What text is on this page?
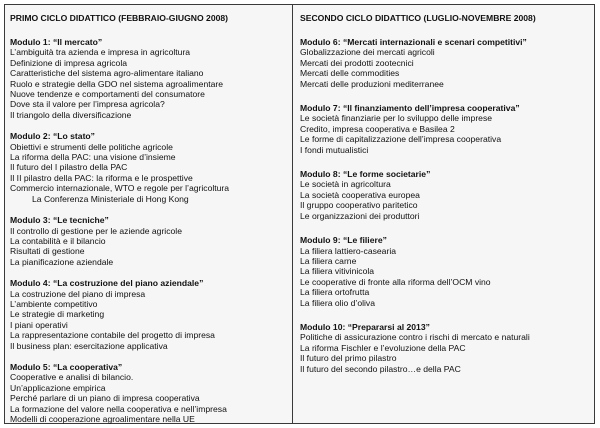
PRIMO CICLO DIDATTICO (FEBBRAIO-GIUGNO 2008)
Modulo 1: “Il mercato”
L’ambiguità tra azienda e impresa in agricoltura
Definizione di impresa agricola
Caratteristiche del sistema agro-alimentare italiano
Ruolo e strategie della GDO nel sistema agroalimentare
Nuove tendenze e comportamenti del consumatore
Dove sta il valore per l’impresa agricola?
Il triangolo della diversificazione
Modulo 2: “Lo stato”
Obiettivi e strumenti delle politiche agricole
La riforma della PAC: una visione d’insieme
Il futuro del I pilastro della PAC
Il II pilastro della PAC: la riforma e le prospettive
Commercio internazionale, WTO e regole per l’agricoltura
La Conferenza Ministeriale di Hong Kong
Modulo 3: “Le tecniche”
Il controllo di gestione per le aziende agricole
La contabilità e il bilancio
Risultati di gestione
La pianificazione aziendale
Modulo 4: “La costruzione del piano aziendale”
La costruzione del piano di impresa
L’ambiente competitivo
Le strategie di marketing
I piani operativi
La rappresentazione contabile del progetto di impresa
Il business plan: esercitazione applicativa
Modulo 5: “La cooperativa”
Cooperative e analisi di bilancio.
Un’applicazione empirica
Perché parlare di un piano di impresa cooperativa
La formazione del valore nella cooperativa e nell’impresa
Modelli di cooperazione agroalimentare nella UE
SECONDO CICLO DIDATTICO (LUGLIO-NOVEMBRE 2008)
Modulo 6: “Mercati internazionali e scenari competitivi”
Globalizzazione dei mercati agricoli
Mercati dei prodotti zootecnici
Mercati delle commodities
Mercati delle produzioni mediterranee
Modulo 7: “Il finanziamento dell’impresa cooperativa”
Le società finanziarie per lo sviluppo delle imprese
Credito, impresa cooperativa e Basilea 2
Le forme di capitalizzazione dell’impresa cooperativa
I fondi mutualistici
Modulo 8: “Le forme societarie”
Le società in agricoltura
La società cooperativa europea
Il gruppo cooperativo paritetico
Le organizzazioni dei produttori
Modulo 9: “Le filiere”
La filiera lattiero-casearia
La filiera carne
La filiera vitivinicola
Le cooperative di fronte alla riforma dell’OCM vino
La filiera ortofrutta
La filiera olio d’oliva
Modulo 10: “Prepararsi al 2013”
Politiche di assicurazione contro i rischi di mercato e naturali
La riforma Fischler e l’evoluzione della PAC
Il futuro del primo pilastro
Il futuro del secondo pilastro…e della PAC
